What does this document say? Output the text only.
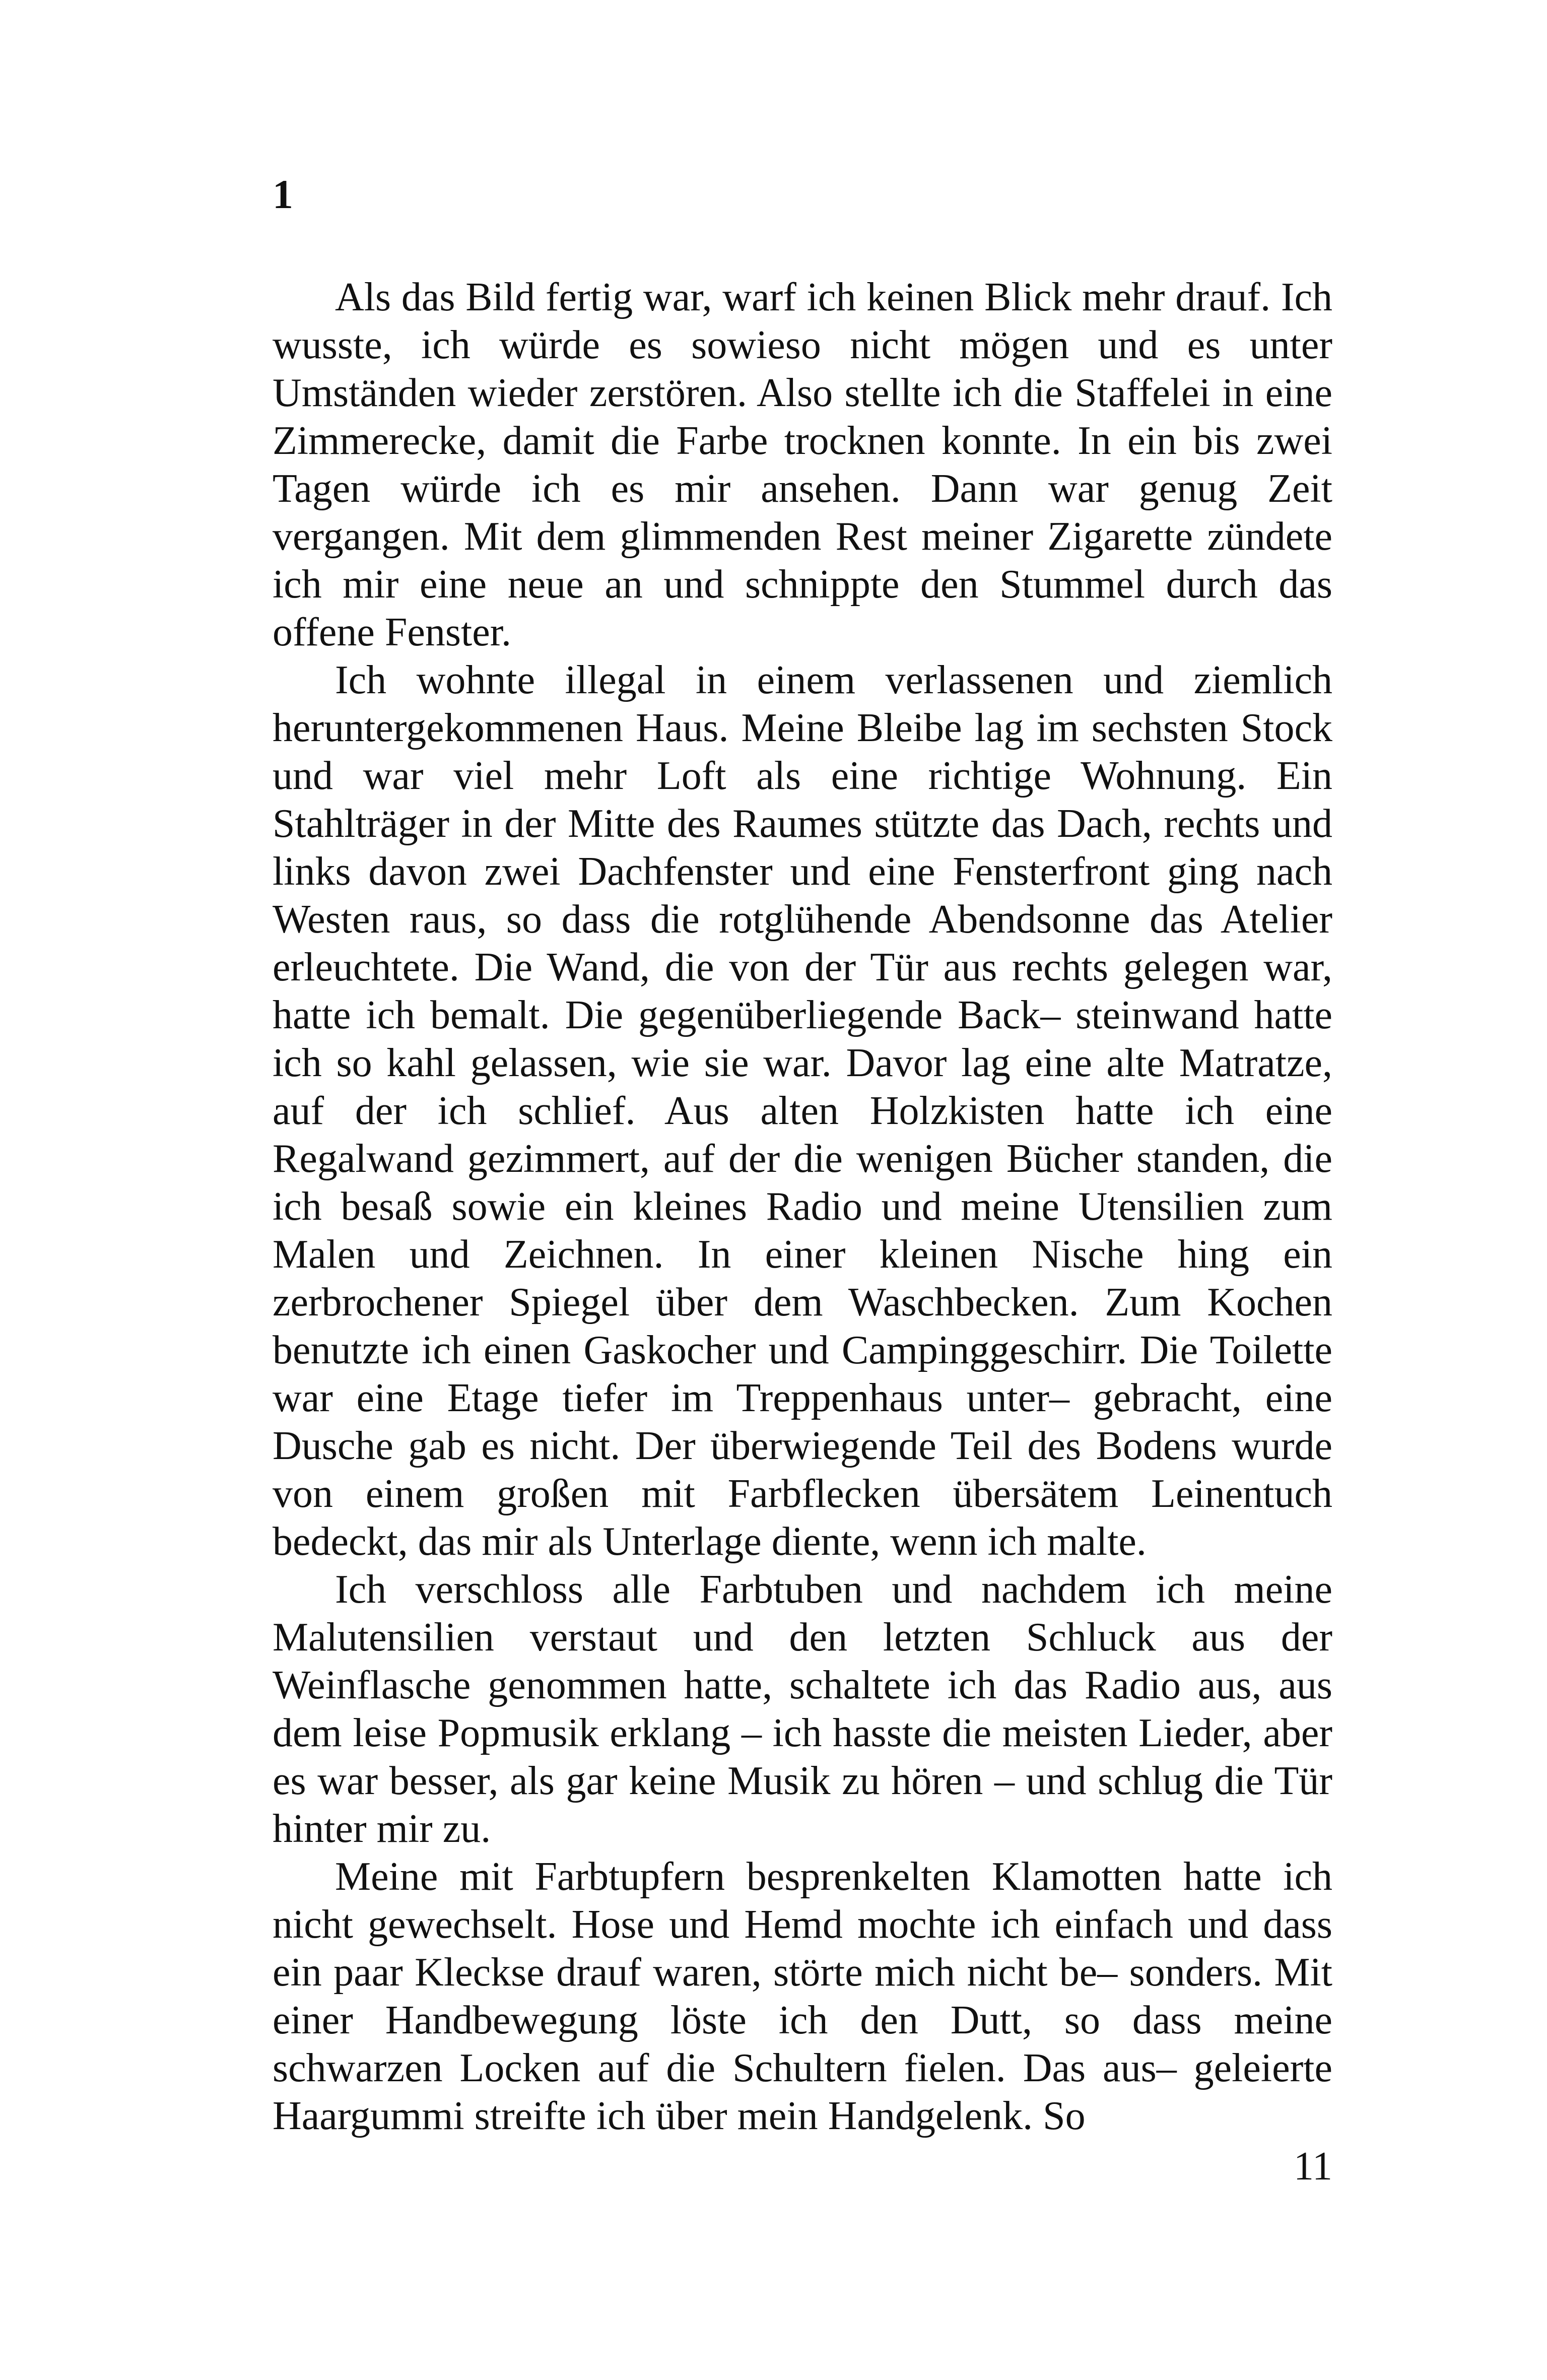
1

Als das Bild fertig war, warf ich keinen Blick mehr drauf. Ich wusste, ich würde es sowieso nicht mögen und es unter Umständen wieder zerstören. Also stellte ich die Staffelei in eine Zimmerecke, damit die Farbe trocknen konnte. In ein bis zwei Tagen würde ich es mir ansehen. Dann war genug Zeit vergangen. Mit dem glimmenden Rest meiner Zigarette zündete ich mir eine neue an und schnippte den Stummel durch das offene Fenster.

Ich wohnte illegal in einem verlassenen und ziemlich heruntergekommenen Haus. Meine Bleibe lag im sechsten Stock und war viel mehr Loft als eine richtige Wohnung. Ein Stahlträger in der Mitte des Raumes stützte das Dach, rechts und links davon zwei Dachfenster und eine Fensterfront ging nach Westen raus, so dass die rotglühende Abendsonne das Atelier erleuchtete. Die Wand, die von der Tür aus rechts gelegen war, hatte ich bemalt. Die gegenüberliegende Back– steinwand hatte ich so kahl gelassen, wie sie war. Davor lag eine alte Matratze, auf der ich schlief. Aus alten Holzkisten hatte ich eine Regalwand gezimmert, auf der die wenigen Bücher standen, die ich besaß sowie ein kleines Radio und meine Utensilien zum Malen und Zeichnen. In einer kleinen Nische hing ein zerbrochener Spiegel über dem Waschbecken. Zum Kochen benutzte ich einen Gaskocher und Campinggeschirr. Die Toilette war eine Etage tiefer im Treppenhaus unter– gebracht, eine Dusche gab es nicht. Der überwiegende Teil des Bodens wurde von einem großen mit Farbflecken übersätem Leinentuch bedeckt, das mir als Unterlage diente, wenn ich malte.

Ich verschloss alle Farbtuben und nachdem ich meine Malutensilien verstaut und den letzten Schluck aus der Weinflasche genommen hatte, schaltete ich das Radio aus, aus dem leise Popmusik erklang – ich hasste die meisten Lieder, aber es war besser, als gar keine Musik zu hören – und schlug die Tür hinter mir zu.

Meine mit Farbtupfern besprenkelten Klamotten hatte ich nicht gewechselt. Hose und Hemd mochte ich einfach und dass ein paar Kleckse drauf waren, störte mich nicht be– sonders. Mit einer Handbewegung löste ich den Dutt, so dass meine schwarzen Locken auf die Schultern fielen. Das aus– geleierte Haargummi streifte ich über mein Handgelenk. So

11
